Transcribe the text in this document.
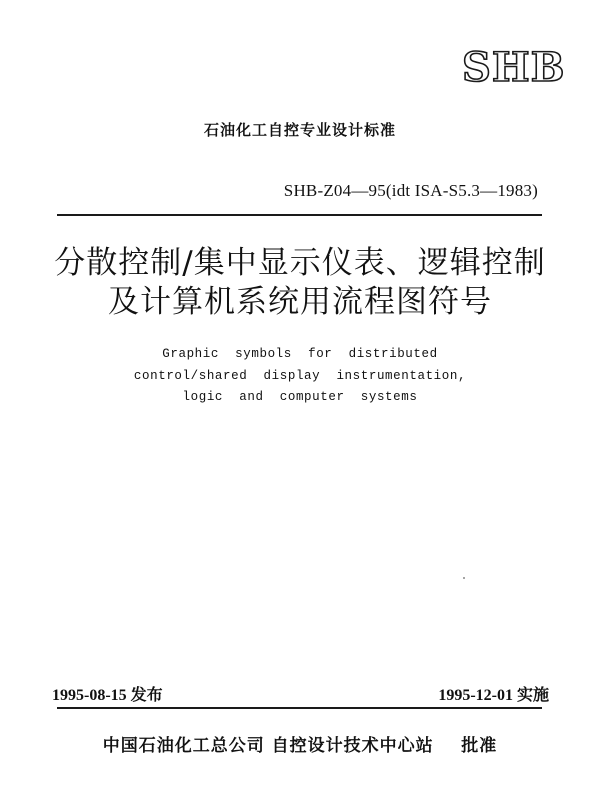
SHB
石油化工自控专业设计标准
SHB-Z04—95(idt ISA-S5.3—1983)
分散控制/集中显示仪表、逻辑控制
及计算机系统用流程图符号
Graphic  symbols  for  distributed
control/shared  display  instrumentation,
logic  and  computer  systems
1995-08-15 发布	1995-12-01 实施
中国石油化工总公司 自控设计技术中心站    批准
